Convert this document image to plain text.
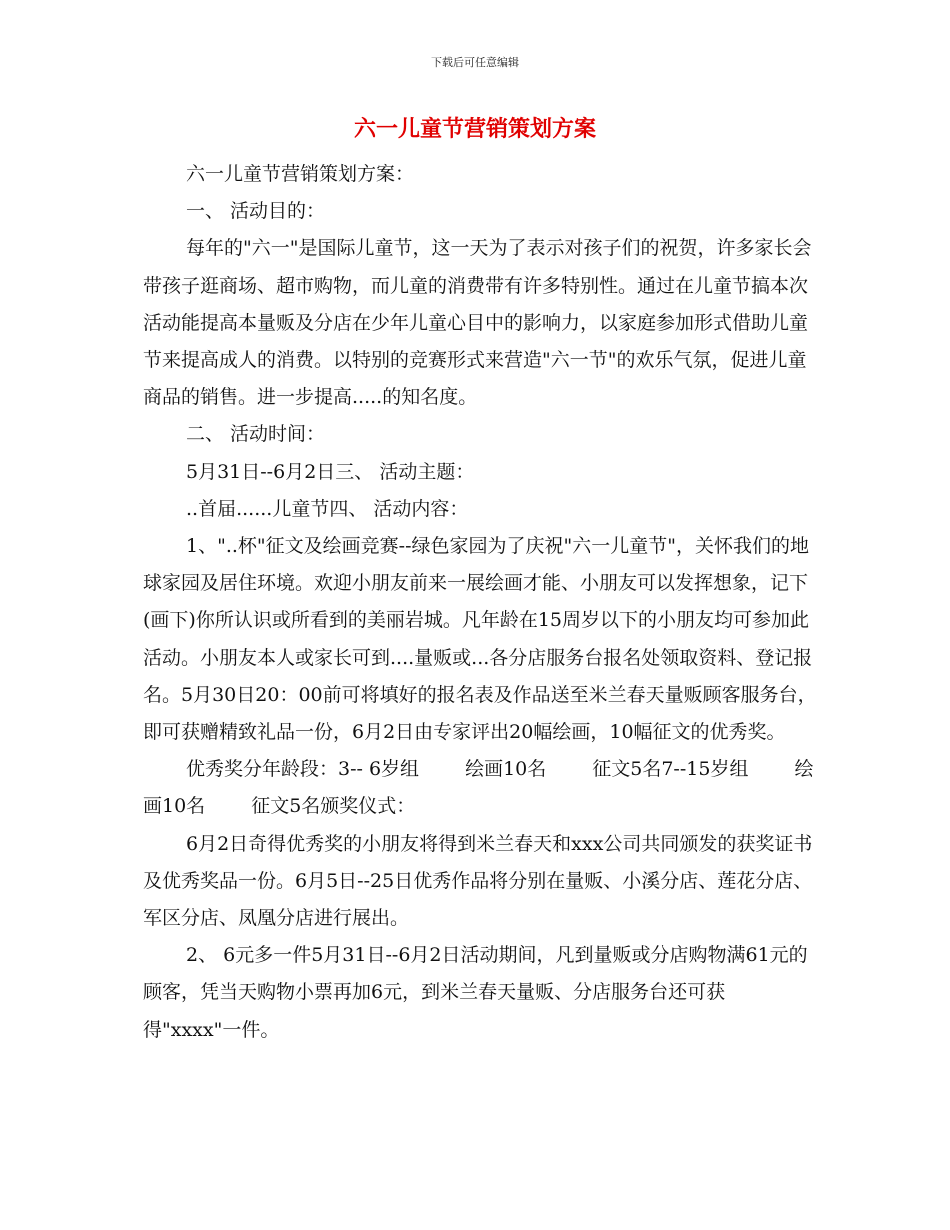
下载后可任意编辑
六一儿童节营销策划方案

六一儿童节营销策划方案：

一、 活动目的：

每年的"六一"是国际儿童节，这一天为了表示对孩子们的祝贺，许多家长会带孩子逛商场、超市购物，而儿童的消费带有许多特别性。通过在儿童节搞本次活动能提高本量贩及分店在少年儿童心目中的影响力，以家庭参加形式借助儿童节来提高成人的消费。以特别的竞赛形式来营造"六一节"的欢乐气氛，促进儿童商品的销售。进一步提高.....的知名度。

二、 活动时间：

5月31日--6月2日三、 活动主题：

..首届......儿童节四、 活动内容：

1、"..杯"征文及绘画竞赛--绿色家园为了庆祝"六一儿童节"，关怀我们的地球家园及居住环境。欢迎小朋友前来一展绘画才能、小朋友可以发挥想象，记下(画下)你所认识或所看到的美丽岩城。凡年龄在15周岁以下的小朋友均可参加此活动。小朋友本人或家长可到....量贩或...各分店服务台报名处领取资料、登记报名。5月30日20：00前可将填好的报名表及作品送至米兰春天量贩顾客服务台，即可获赠精致礼品一份，6月2日由专家评出20幅绘画，10幅征文的优秀奖。

优秀奖分年龄段：3-- 6岁组 绘画10名 征文5名7--15岁组 绘画10名 征文5名颁奖仪式：

6月2日奇得优秀奖的小朋友将得到米兰春天和xxx公司共同颁发的获奖证书及优秀奖品一份。6月5日--25日优秀作品将分别在量贩、小溪分店、莲花分店、军区分店、凤凰分店进行展出。

2、 6元多一件5月31日--6月2日活动期间，凡到量贩或分店购物满61元的顾客，凭当天购物小票再加6元，到米兰春天量贩、分店服务台还可获得"xxxx"一件。
